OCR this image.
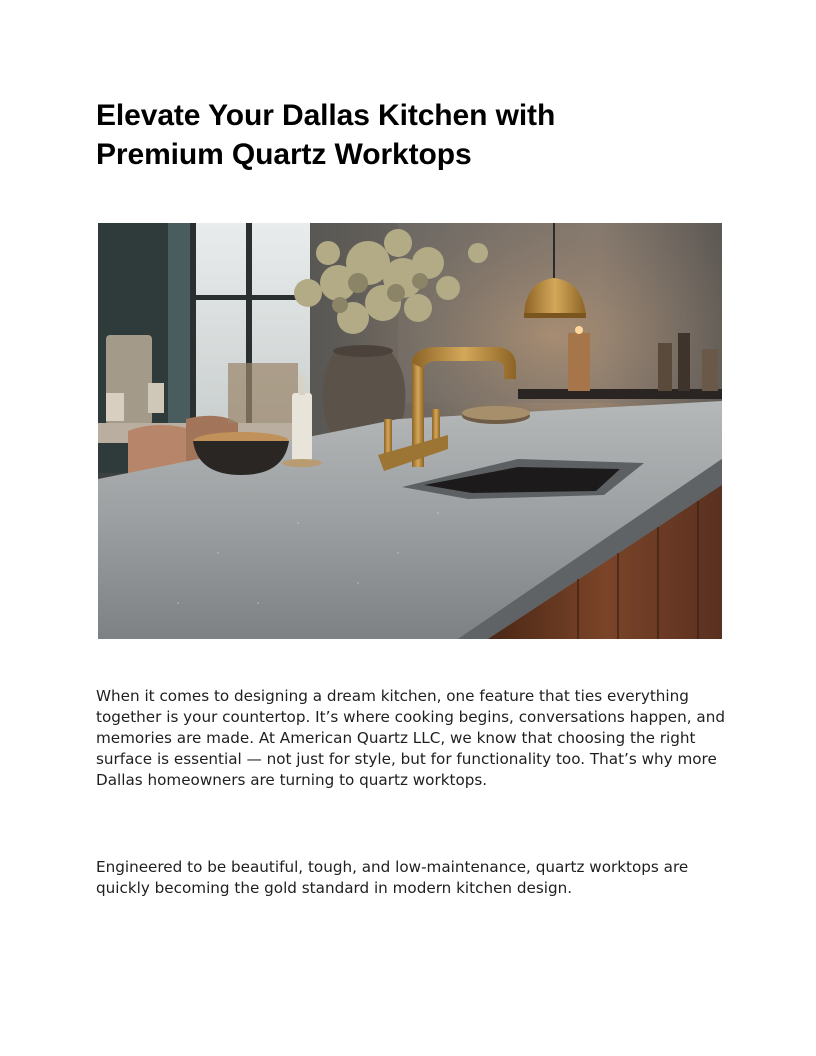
Elevate Your Dallas Kitchen with
Premium Quartz Worktops

When it comes to designing a dream kitchen, one feature that ties everything together is your countertop. It’s where cooking begins, conversations happen, and memories are made. At American Quartz LLC, we know that choosing the right surface is essential — not just for style, but for functionality too. That’s why more Dallas homeowners are turning to quartz worktops.

Engineered to be beautiful, tough, and low-maintenance, quartz worktops are quickly becoming the gold standard in modern kitchen design.
